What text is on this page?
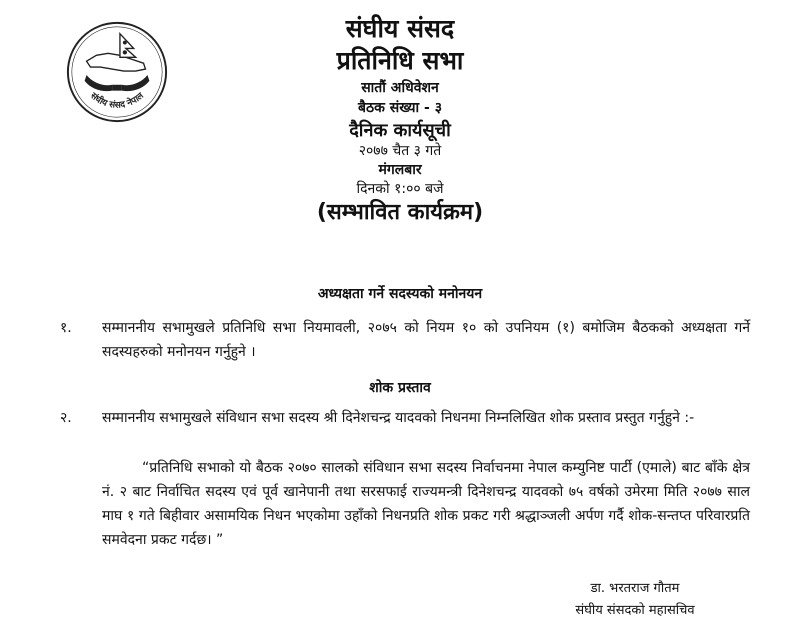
संघीय संसद नेपाल
संघीय संसद
प्रतिनिधि सभा
सातौं अधिवेशन
बैठक संख्या - ३
दैनिक कार्यसूची
२०७७ चैत ३ गते
मंगलबार
दिनको १:०० बजे
(सम्भावित कार्यक्रम)
अध्यक्षता गर्ने सदस्यको मनोनयन
१.	सम्माननीय सभामुखले प्रतिनिधि सभा नियमावली, २०७५ को नियम १० को उपनियम (१) बमोजिम बैठकको अध्यक्षता गर्ने सदस्यहरुको मनोनयन गर्नुहुने ।
शोक प्रस्ताव
२.	सम्माननीय सभामुखले संविधान सभा सदस्य श्री दिनेशचन्द्र यादवको निधनमा निम्नलिखित शोक प्रस्ताव प्रस्तुत गर्नुहुने :-
“प्रतिनिधि सभाको यो बैठक २०७० सालको संविधान सभा सदस्य निर्वाचनमा नेपाल कम्युनिष्ट पार्टी (एमाले) बाट बाँके क्षेत्र नं. २ बाट निर्वाचित सदस्य एवं पूर्व खानेपानी तथा सरसफाई राज्यमन्त्री दिनेशचन्द्र यादवको ७५ वर्षको उमेरमा मिति २०७७ साल माघ १ गते बिहीवार असामयिक निधन भएकोमा उहाँको निधनप्रति शोक प्रकट गरी श्रद्धाञ्जली अर्पण गर्दै शोक-सन्तप्त परिवारप्रति समवेदना प्रकट गर्दछ। ”
डा. भरतराज गौतम
संघीय संसदको महासचिव
